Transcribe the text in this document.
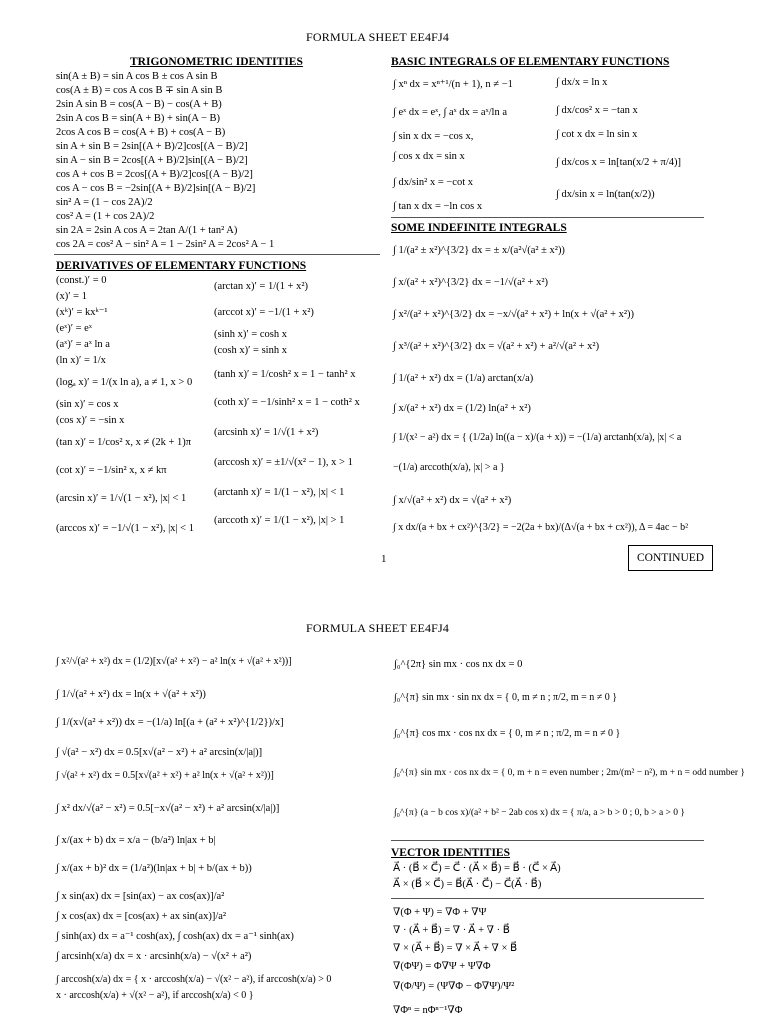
FORMULA SHEET EE4FJ4
TRIGONOMETRIC IDENTITIES
sin(A ± B) = sin A cos B ± cos A sin B
cos(A ± B) = cos A cos B ∓ sin A sin B
2sin A sin B = cos(A − B) − cos(A + B)
2sin A cos B = sin(A + B) + sin(A − B)
2cos A cos B = cos(A + B) + cos(A − B)
sin A + sin B = 2sin[(A + B)/2]cos[(A − B)/2]
sin A − sin B = 2cos[(A + B)/2]sin[(A − B)/2]
cos A + cos B = 2cos[(A + B)/2]cos[(A − B)/2]
cos A − cos B = −2sin[(A + B)/2]sin[(A − B)/2]
sin² A = (1 − cos 2A)/2
cos² A = (1 + cos 2A)/2
sin 2A = 2sin A cos A = 2tan A/(1 + tan² A)
cos 2A = cos² A − sin² A = 1 − 2sin² A = 2cos² A − 1
DERIVATIVES OF ELEMENTARY FUNCTIONS
(const.)′ = 0
(x)′ = 1
(xᵏ)′ = kxᵏ⁻¹
(eˣ)′ = eˣ
(aˣ)′ = aˣ ln a
(ln x)′ = 1/x
(logₐ x)′ = 1/(x ln a), a ≠ 1, x > 0
(sin x)′ = cos x
(cos x)′ = −sin x
(tan x)′ = 1/cos² x, x ≠ (2k + 1)π
(cot x)′ = −1/sin² x, x ≠ kπ
(arcsin x)′ = 1/√(1 − x²), |x| < 1
(arccos x)′ = −1/√(1 − x²), |x| < 1
(arctan x)′ = 1/(1 + x²)
(arccot x)′ = −1/(1 + x²)
(sinh x)′ = cosh x
(cosh x)′ = sinh x
(tanh x)′ = 1/cosh² x = 1 − tanh² x
(coth x)′ = −1/sinh² x = 1 − coth² x
(arcsinh x)′ = 1/√(1 + x²)
(arccosh x)′ = ±1/√(x² − 1), x > 1
(arctanh x)′ = 1/(1 − x²), |x| < 1
(arccoth x)′ = 1/(1 − x²), |x| > 1
BASIC INTEGRALS OF ELEMENTARY FUNCTIONS
∫ xⁿ dx = xⁿ⁺¹/(n + 1), n ≠ −1
∫ eˣ dx = eˣ, ∫ aˣ dx = aˣ/ln a
∫ sin x dx = −cos x,
∫ cos x dx = sin x
∫ dx/sin² x = −cot x
∫ tan x dx = −ln cos x
∫ dx/x = ln x
∫ dx/cos² x = −tan x
∫ cot x dx = ln sin x
∫ dx/cos x = ln[tan(x/2 + π/4)]
∫ dx/sin x = ln(tan(x/2))
SOME INDEFINITE INTEGRALS
∫ 1/(a² ± x²)^{3/2} dx = ± x/(a²√(a² ± x²))
∫ x/(a² + x²)^{3/2} dx = −1/√(a² + x²)
∫ x²/(a² + x²)^{3/2} dx = −x/√(a² + x²) + ln(x + √(a² + x²))
∫ x³/(a² + x²)^{3/2} dx = √(a² + x²) + a²/√(a² + x²)
∫ 1/(a² + x²) dx = (1/a) arctan(x/a)
∫ x/(a² + x²) dx = (1/2) ln(a² + x²)
∫ 1/(x² − a²) dx = { (1/2a) ln((a − x)/(a + x)) = −(1/a) arctanh(x/a), |x| < a
−(1/a) arccoth(x/a), |x| > a }
∫ x/√(a² + x²) dx = √(a² + x²)
∫ x dx/(a + bx + cx²)^{3/2} = −2(2a + bx)/(Δ√(a + bx + cx²)), Δ = 4ac − b²
1	CONTINUED
FORMULA SHEET EE4FJ4
∫ x²/√(a² + x²) dx = (1/2)[x√(a² + x²) − a² ln(x + √(a² + x²))]
∫ 1/√(a² + x²) dx = ln(x + √(a² + x²))
∫ 1/(x√(a² + x²)) dx = −(1/a) ln[(a + (a² + x²)^{1/2})/x]
∫ √(a² − x²) dx = 0.5[x√(a² − x²) + a² arcsin(x/|a|)]
∫ √(a² + x²) dx = 0.5[x√(a² + x²) + a² ln(x + √(a² + x²))]
∫ x² dx/√(a² − x²) = 0.5[−x√(a² − x²) + a² arcsin(x/|a|)]
∫ x/(ax + b) dx = x/a − (b/a²) ln|ax + b|
∫ x/(ax + b)² dx = (1/a²)(ln|ax + b| + b/(ax + b))
∫ x sin(ax) dx = [sin(ax) − ax cos(ax)]/a²
∫ x cos(ax) dx = [cos(ax) + ax sin(ax)]/a²
∫ sinh(ax) dx = a⁻¹ cosh(ax), ∫ cosh(ax) dx = a⁻¹ sinh(ax)
∫ arcsinh(x/a) dx = x · arcsinh(x/a) − √(x² + a²)
∫ arccosh(x/a) dx = { x · arccosh(x/a) − √(x² − a²), if arccosh(x/a) > 0
x · arccosh(x/a) + √(x² − a²), if arccosh(x/a) < 0 }
∫₀^{2π} sin mx · cos nx dx = 0
∫₀^{π} sin mx · sin nx dx = { 0, m ≠ n ; π/2, m = n ≠ 0 }
∫₀^{π} cos mx · cos nx dx = { 0, m ≠ n ; π/2, m = n ≠ 0 }
∫₀^{π} sin mx · cos nx dx = { 0, m + n = even number ; 2m/(m² − n²), m + n = odd number }
∫₀^{π} (a − b cos x)/(a² + b² − 2ab cos x) dx = { π/a, a > b > 0 ; 0, b > a > 0 }
VECTOR IDENTITIES
A⃗ · (B⃗ × C⃗) = C⃗ · (A⃗ × B⃗) = B⃗ · (C⃗ × A⃗)
A⃗ × (B⃗ × C⃗) = B⃗(A⃗ · C⃗) − C⃗(A⃗ · B⃗)
∇(Φ + Ψ) = ∇Φ + ∇Ψ
∇ · (A⃗ + B⃗) = ∇ · A⃗ + ∇ · B⃗
∇ × (A⃗ + B⃗) = ∇ × A⃗ + ∇ × B⃗
∇(ΦΨ) = Φ∇Ψ + Ψ∇Φ
∇(Φ/Ψ) = (Ψ∇Φ − Φ∇Ψ)/Ψ²
∇Φⁿ = nΦⁿ⁻¹∇Φ
